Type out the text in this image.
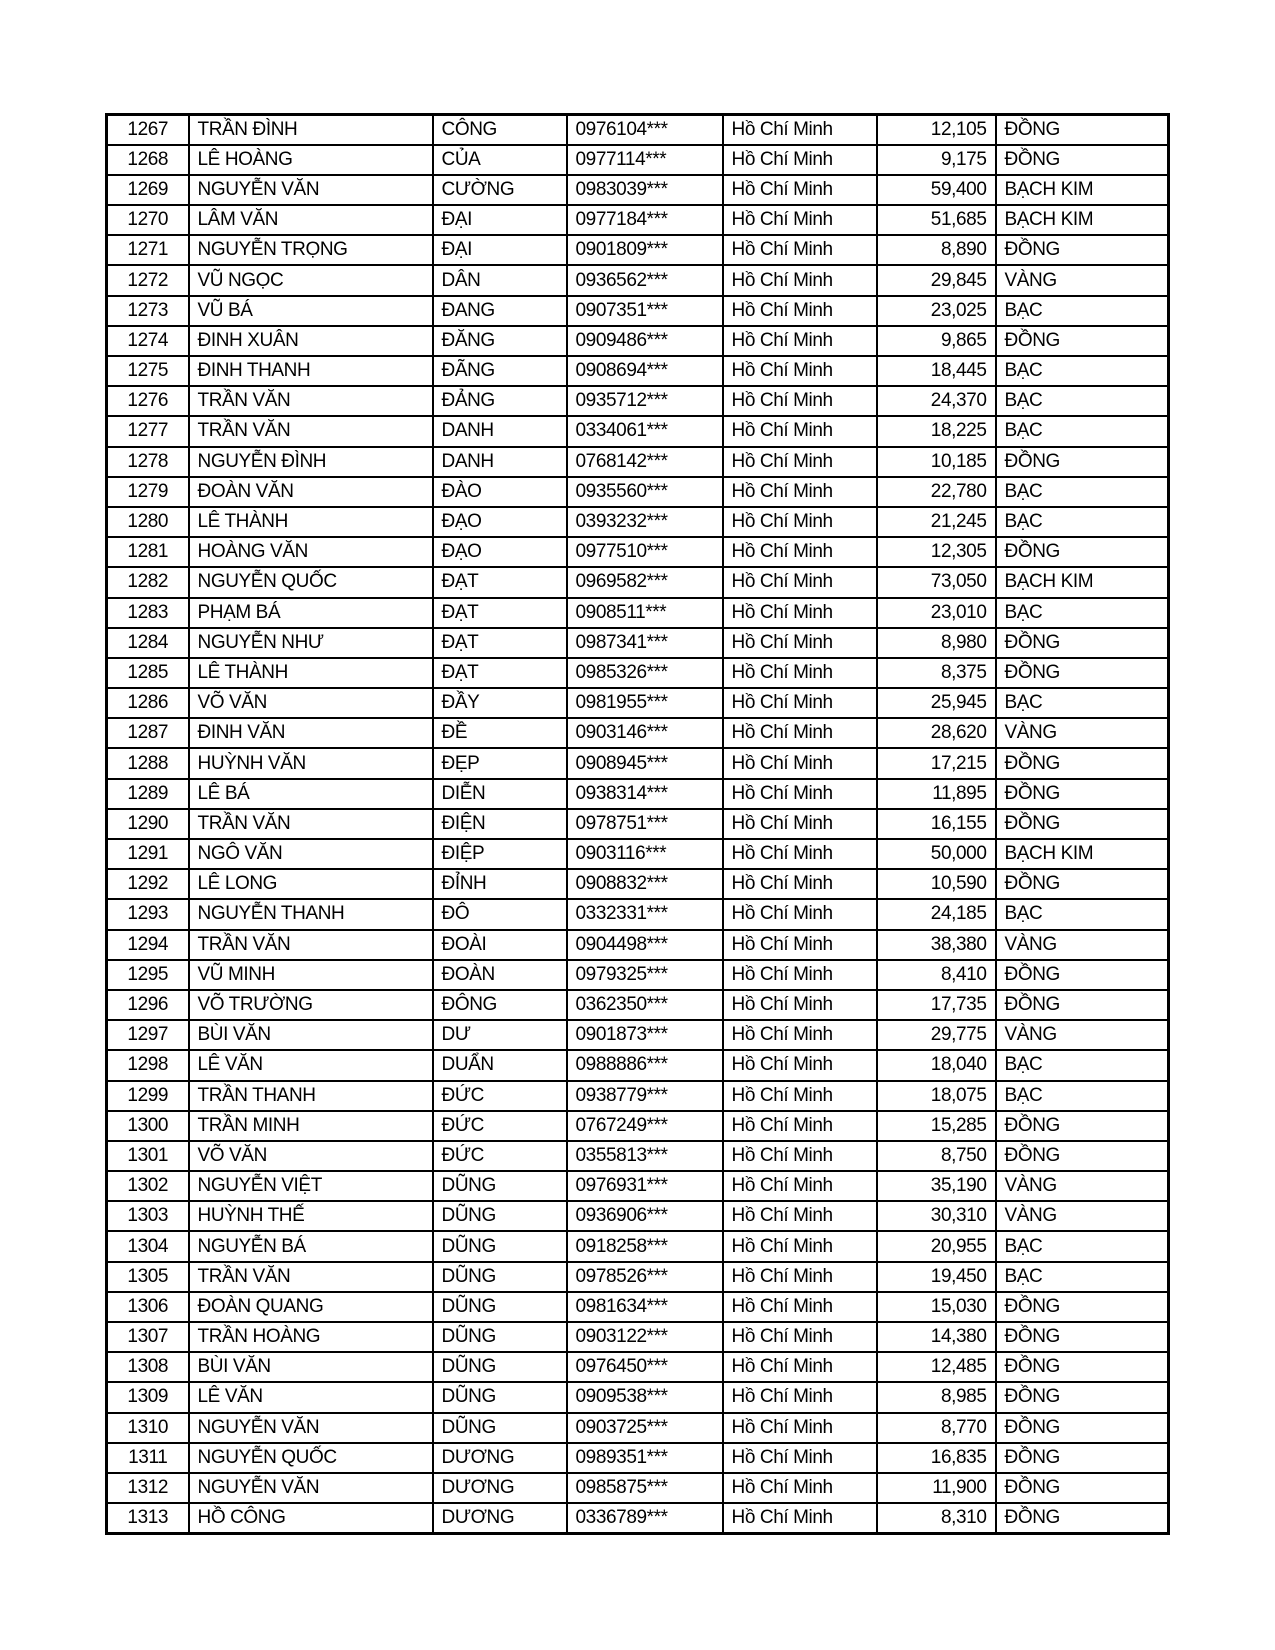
1267	TRẦN ĐÌNH	CÔNG	0976104***	Hồ Chí Minh	12,105	ĐỒNG
1268	LÊ HOÀNG	CỦA	0977114***	Hồ Chí Minh	9,175	ĐỒNG
1269	NGUYỄN VĂN	CƯỜNG	0983039***	Hồ Chí Minh	59,400	BẠCH KIM
1270	LÂM VĂN	ĐẠI	0977184***	Hồ Chí Minh	51,685	BẠCH KIM
1271	NGUYỄN TRỌNG	ĐẠI	0901809***	Hồ Chí Minh	8,890	ĐỒNG
1272	VŨ NGỌC	DÂN	0936562***	Hồ Chí Minh	29,845	VÀNG
1273	VŨ BÁ	ĐANG	0907351***	Hồ Chí Minh	23,025	BẠC
1274	ĐINH XUÂN	ĐĂNG	0909486***	Hồ Chí Minh	9,865	ĐỒNG
1275	ĐINH THANH	ĐÃNG	0908694***	Hồ Chí Minh	18,445	BẠC
1276	TRẦN VĂN	ĐẢNG	0935712***	Hồ Chí Minh	24,370	BẠC
1277	TRẦN VĂN	DANH	0334061***	Hồ Chí Minh	18,225	BẠC
1278	NGUYỄN ĐÌNH	DANH	0768142***	Hồ Chí Minh	10,185	ĐỒNG
1279	ĐOÀN VĂN	ĐÀO	0935560***	Hồ Chí Minh	22,780	BẠC
1280	LÊ THÀNH	ĐẠO	0393232***	Hồ Chí Minh	21,245	BẠC
1281	HOÀNG VĂN	ĐẠO	0977510***	Hồ Chí Minh	12,305	ĐỒNG
1282	NGUYỄN QUỐC	ĐẠT	0969582***	Hồ Chí Minh	73,050	BẠCH KIM
1283	PHẠM BÁ	ĐẠT	0908511***	Hồ Chí Minh	23,010	BẠC
1284	NGUYỄN NHƯ	ĐẠT	0987341***	Hồ Chí Minh	8,980	ĐỒNG
1285	LÊ THÀNH	ĐẠT	0985326***	Hồ Chí Minh	8,375	ĐỒNG
1286	VÕ VĂN	ĐẦY	0981955***	Hồ Chí Minh	25,945	BẠC
1287	ĐINH VĂN	ĐỀ	0903146***	Hồ Chí Minh	28,620	VÀNG
1288	HUỲNH VĂN	ĐẸP	0908945***	Hồ Chí Minh	17,215	ĐỒNG
1289	LÊ BÁ	DIỄN	0938314***	Hồ Chí Minh	11,895	ĐỒNG
1290	TRẦN VĂN	ĐIỆN	0978751***	Hồ Chí Minh	16,155	ĐỒNG
1291	NGÔ VĂN	ĐIỆP	0903116***	Hồ Chí Minh	50,000	BẠCH KIM
1292	LÊ LONG	ĐỈNH	0908832***	Hồ Chí Minh	10,590	ĐỒNG
1293	NGUYỄN THANH	ĐÔ	0332331***	Hồ Chí Minh	24,185	BẠC
1294	TRẦN VĂN	ĐOÀI	0904498***	Hồ Chí Minh	38,380	VÀNG
1295	VŨ MINH	ĐOÀN	0979325***	Hồ Chí Minh	8,410	ĐỒNG
1296	VÕ TRƯỜNG	ĐÔNG	0362350***	Hồ Chí Minh	17,735	ĐỒNG
1297	BÙI VĂN	DƯ	0901873***	Hồ Chí Minh	29,775	VÀNG
1298	LÊ VĂN	DUẨN	0988886***	Hồ Chí Minh	18,040	BẠC
1299	TRẦN THANH	ĐỨC	0938779***	Hồ Chí Minh	18,075	BẠC
1300	TRẦN MINH	ĐỨC	0767249***	Hồ Chí Minh	15,285	ĐỒNG
1301	VÕ VĂN	ĐỨC	0355813***	Hồ Chí Minh	8,750	ĐỒNG
1302	NGUYỄN VIỆT	DŨNG	0976931***	Hồ Chí Minh	35,190	VÀNG
1303	HUỲNH THẾ	DŨNG	0936906***	Hồ Chí Minh	30,310	VÀNG
1304	NGUYỄN BÁ	DŨNG	0918258***	Hồ Chí Minh	20,955	BẠC
1305	TRẦN VĂN	DŨNG	0978526***	Hồ Chí Minh	19,450	BẠC
1306	ĐOÀN QUANG	DŨNG	0981634***	Hồ Chí Minh	15,030	ĐỒNG
1307	TRẦN HOÀNG	DŨNG	0903122***	Hồ Chí Minh	14,380	ĐỒNG
1308	BÙI VĂN	DŨNG	0976450***	Hồ Chí Minh	12,485	ĐỒNG
1309	LÊ VĂN	DŨNG	0909538***	Hồ Chí Minh	8,985	ĐỒNG
1310	NGUYỄN VĂN	DŨNG	0903725***	Hồ Chí Minh	8,770	ĐỒNG
1311	NGUYỄN QUỐC	DƯƠNG	0989351***	Hồ Chí Minh	16,835	ĐỒNG
1312	NGUYỄN VĂN	DƯƠNG	0985875***	Hồ Chí Minh	11,900	ĐỒNG
1313	HỒ CÔNG	DƯƠNG	0336789***	Hồ Chí Minh	8,310	ĐỒNG
